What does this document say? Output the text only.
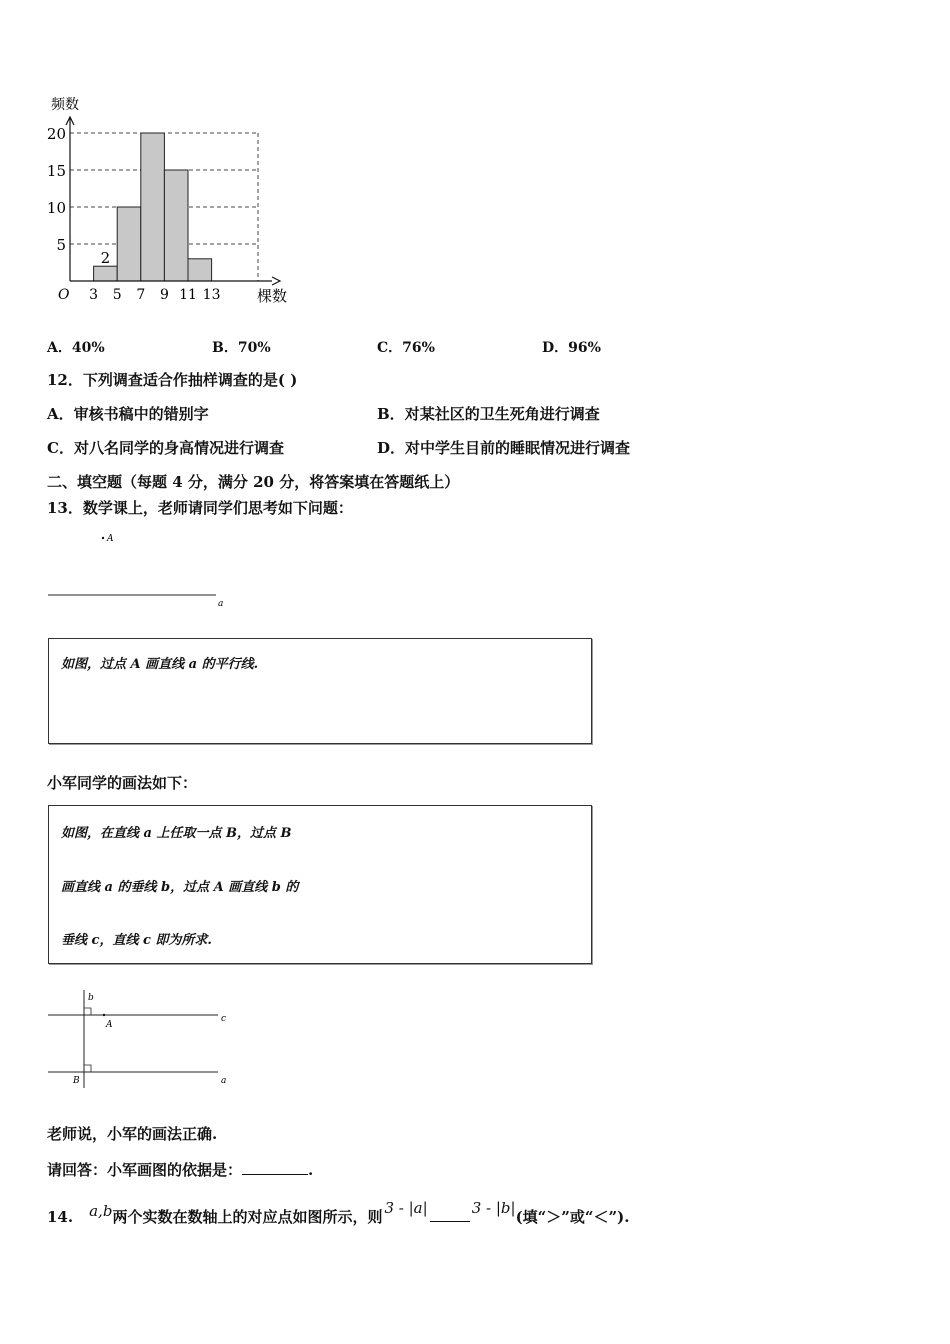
5
10
15
20
3 5 7 9 11 13
O
频数
棵数
2
A．40%	B．70%	C．76%	D．96%
12．下列调查适合作抽样调查的是( )
A．审核书稿中的错别字	B．对某社区的卫生死角进行调查
C．对八名同学的身高情况进行调查	D．对中学生目前的睡眠情况进行调查
二、填空题（每题 4 分，满分 20 分，将答案填在答题纸上）
13．数学课上，老师请同学们思考如下问题：
A
a
如图，过点 A 画直线 a 的平行线.
小军同学的画法如下：
如图，在直线 a 上任取一点 B，过点 B
画直线 a 的垂线 b，过点 A 画直线 b 的
垂线 c，直线 c 即为所求.
b
c
A
a
B
老师说，小军的画法正确.
请回答：小军画图的依据是：	.
14. a,b两个实数在数轴上的对应点如图所示，则 3 - |a|	3 - |b|(填“＞”或“＜”).
